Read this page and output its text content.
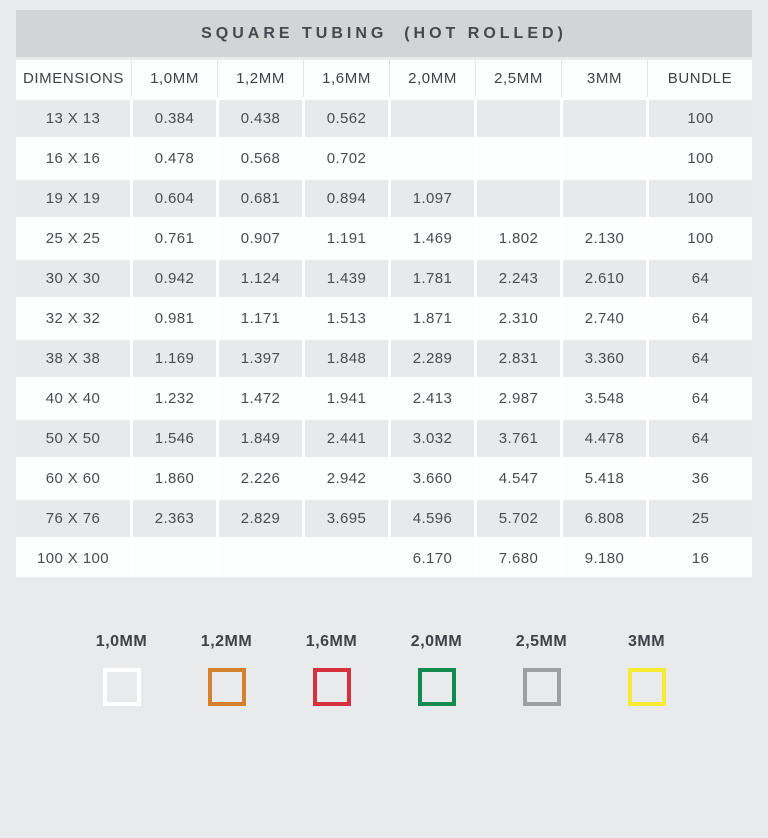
SQUARE TUBING  (HOT ROLLED)
DIMENSIONS	1,0MM	1,2MM	1,6MM	2,0MM	2,5MM	3MM	BUNDLE
13 X 13	0.384	0.438	0.562				100
16 X 16	0.478	0.568	0.702				100
19 X 19	0.604	0.681	0.894	1.097			100
25 X 25	0.761	0.907	1.191	1.469	1.802	2.130	100
30 X 30	0.942	1.124	1.439	1.781	2.243	2.610	64
32 X 32	0.981	1.171	1.513	1.871	2.310	2.740	64
38 X 38	1.169	1.397	1.848	2.289	2.831	3.360	64
40 X 40	1.232	1.472	1.941	2.413	2.987	3.548	64
50 X 50	1.546	1.849	2.441	3.032	3.761	4.478	64
60 X 60	1.860	2.226	2.942	3.660	4.547	5.418	36
76 X 76	2.363	2.829	3.695	4.596	5.702	6.808	25
100 X 100				6.170	7.680	9.180	16
1,0MM	1,2MM	1,6MM	2,0MM	2,5MM	3MM
